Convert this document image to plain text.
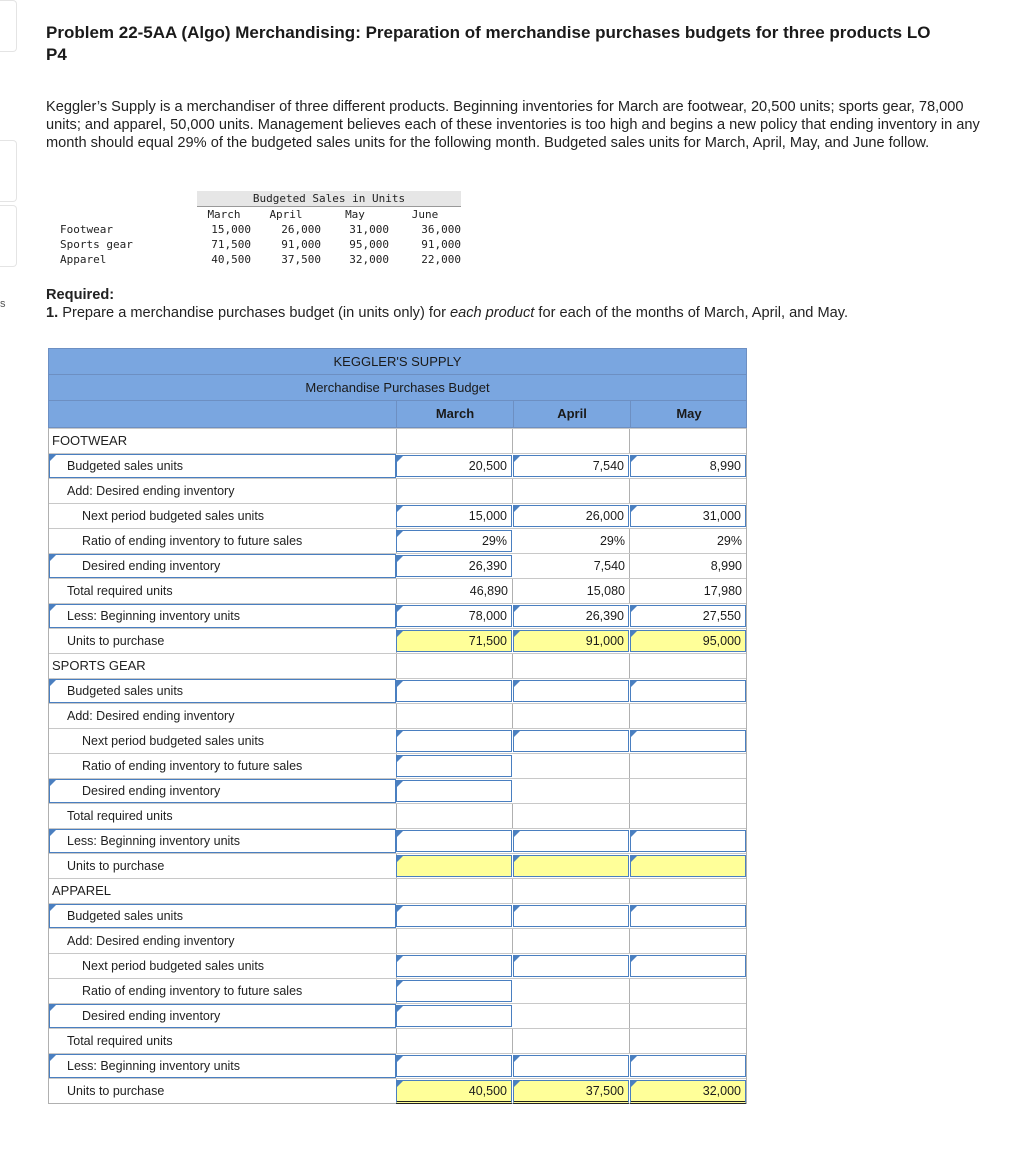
s
Problem 22-5AA (Algo) Merchandising: Preparation of merchandise purchases budgets for three products LO P4

Keggler’s Supply is a merchandiser of three different products. Beginning inventories for March are footwear, 20,500 units; sports gear, 78,000 units; and apparel, 50,000 units. Management believes each of these inventories is too high and begins a new policy that ending inventory in any month should equal 29% of the budgeted sales units for the following month. Budgeted sales units for March, April, May, and June follow.

	Budgeted Sales in Units			
	March	April	May	June
Footwear	15,000	26,000	31,000	36,000
Sports gear	71,500	91,000	95,000	91,000
Apparel	40,500	37,500	32,000	22,000
Required:
1. Prepare a merchandise purchases budget (in units only) for each product for each of the months of March, April, and May.
KEGGLER'S SUPPLY
Merchandise Purchases Budget
March	April	May
FOOTWEAR
Budgeted sales units	20,500	7,540	8,990
Add: Desired ending inventory
Next period budgeted sales units	15,000	26,000	31,000
Ratio of ending inventory to future sales	29%	29%	29%
Desired ending inventory	26,390	7,540	8,990
Total required units	46,890	15,080	17,980
Less: Beginning inventory units	78,000	26,390	27,550
Units to purchase	71,500	91,000	95,000
SPORTS GEAR
Budgeted sales units
Add: Desired ending inventory
Next period budgeted sales units
Ratio of ending inventory to future sales
Desired ending inventory
Total required units
Less: Beginning inventory units
Units to purchase
APPAREL
Budgeted sales units
Add: Desired ending inventory
Next period budgeted sales units
Ratio of ending inventory to future sales
Desired ending inventory
Total required units
Less: Beginning inventory units
Units to purchase	40,500	37,500	32,000
